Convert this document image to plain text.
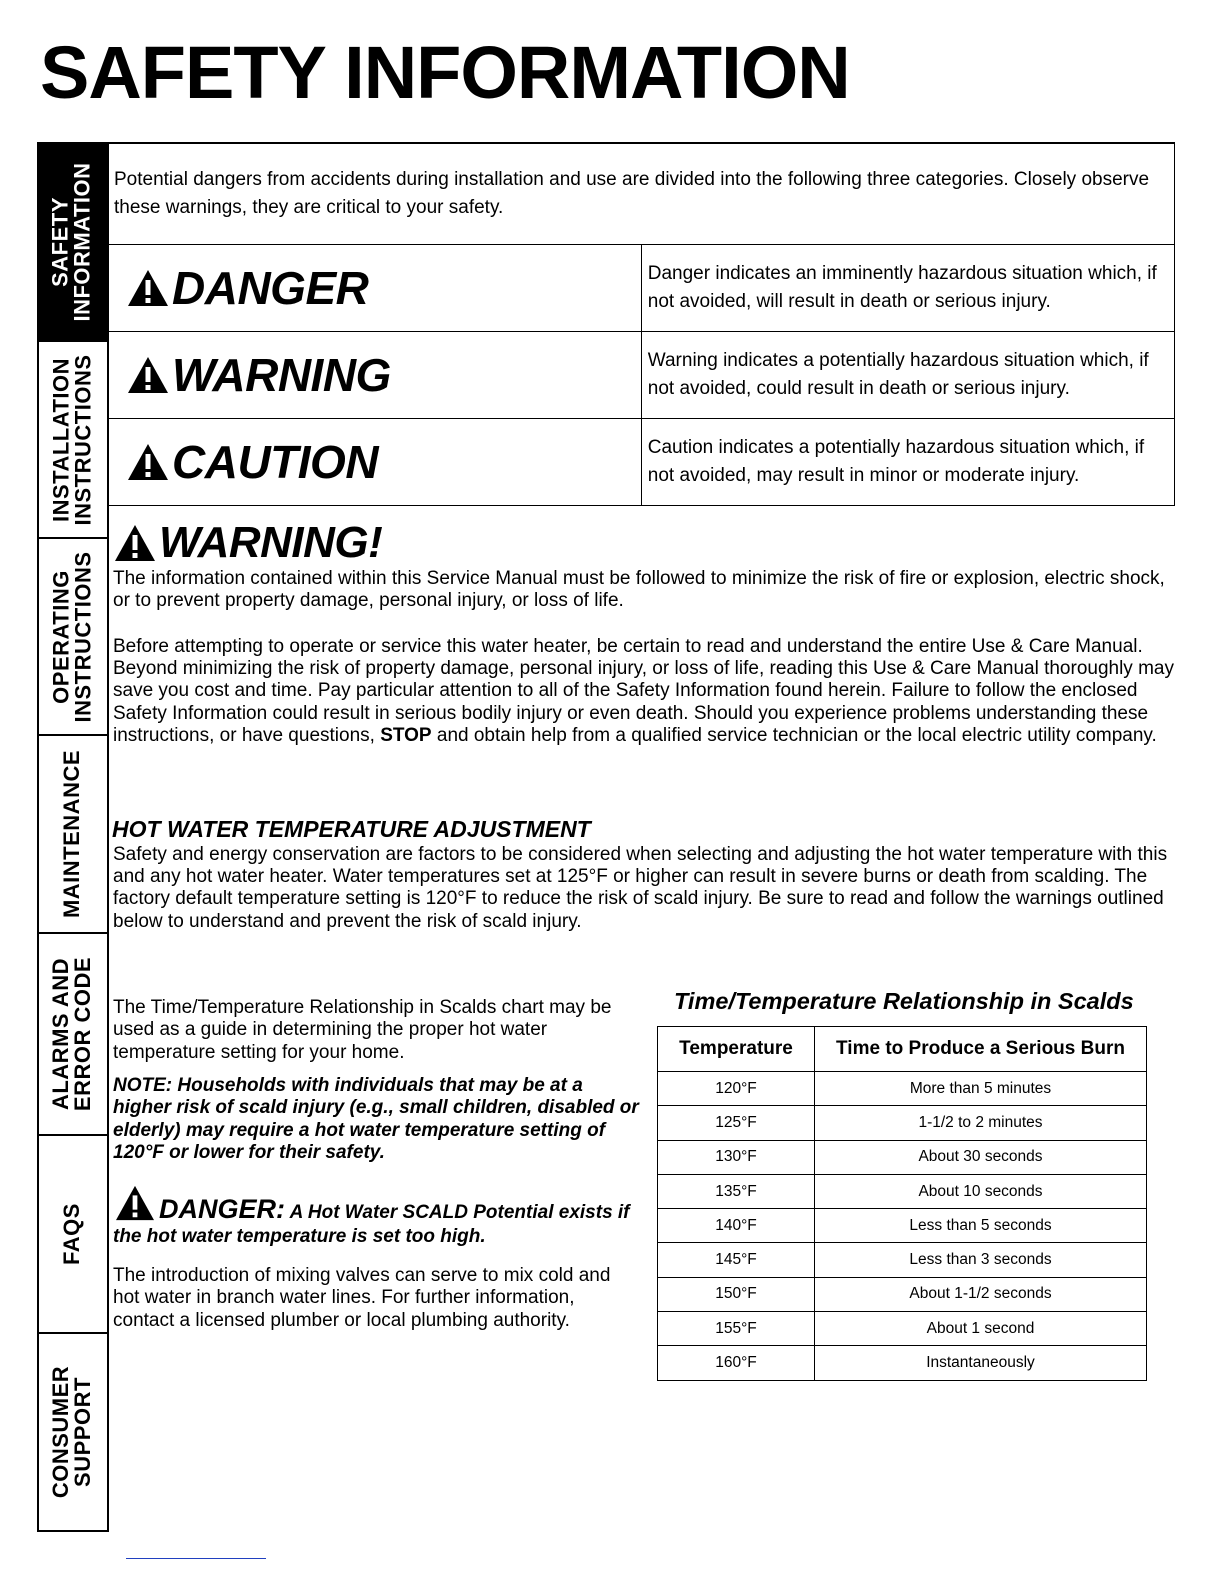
SAFETY INFORMATION
SAFETY
INFORMATION
INSTALLATION
INSTRUCTIONS
OPERATING
INSTRUCTIONS
MAINTENANCE
ALARMS AND
ERROR CODE
FAQS
CONSUMER
SUPPORT
Potential dangers from accidents during installation and use are divided into the following three categories. Closely observe these warnings, they are critical to your safety.	

DANGER	Danger indicates an imminently hazardous situation which, if not avoided, will result in death or serious injury.

WARNING	Warning indicates a potentially hazardous situation which, if not avoided, could result in death or serious injury.

CAUTION	Caution indicates a potentially hazardous situation which, if not avoided, may result in minor or moderate injury.
WARNING!

The information contained within this Service Manual must be followed to minimize the risk of fire or explosion, electric shock, or to prevent property damage, personal injury, or loss of life.

Before attempting to operate or service this water heater, be certain to read and understand the entire Use & Care Manual. Beyond minimizing the risk of property damage, personal injury, or loss of life, reading this Use & Care Manual thoroughly may save you cost and time. Pay particular attention to all of the Safety Information found herein. Failure to follow the enclosed Safety Information could result in serious bodily injury or even death. Should you experience problems understanding these instructions, or have questions, STOP and obtain help from a qualified service technician or the local electric utility company.

HOT WATER TEMPERATURE ADJUSTMENT

Safety and energy conservation are factors to be considered when selecting and adjusting the hot water temperature with this and any hot water heater. Water temperatures set at 125°F or higher can result in severe burns or death from scalding. The factory default temperature setting is 120°F to reduce the risk of scald injury. Be sure to read and follow the warnings outlined below to understand and prevent the risk of scald injury.

The Time/Temperature Relationship in Scalds chart may be used as a guide in determining the proper hot water temperature setting for your home.

NOTE: Households with individuals that may be at a higher risk of scald injury (e.g., small children, disabled or elderly) may require a hot water temperature setting of 120°F or lower for their safety.

DANGER: A Hot Water SCALD Potential exists if the hot water temperature is set too high.

The introduction of mixing valves can serve to mix cold and hot water in branch water lines. For further information, contact a licensed plumber or local plumbing authority.

Time/Temperature Relationship in Scalds
Temperature	Time to Produce a Serious Burn
120°F	More than 5 minutes
125°F	1-1/2 to 2 minutes
130°F	About 30 seconds
135°F	About 10 seconds
140°F	Less than 5 seconds
145°F	Less than 3 seconds
150°F	About 1-1/2 seconds
155°F	About 1 second
160°F	Instantaneously
